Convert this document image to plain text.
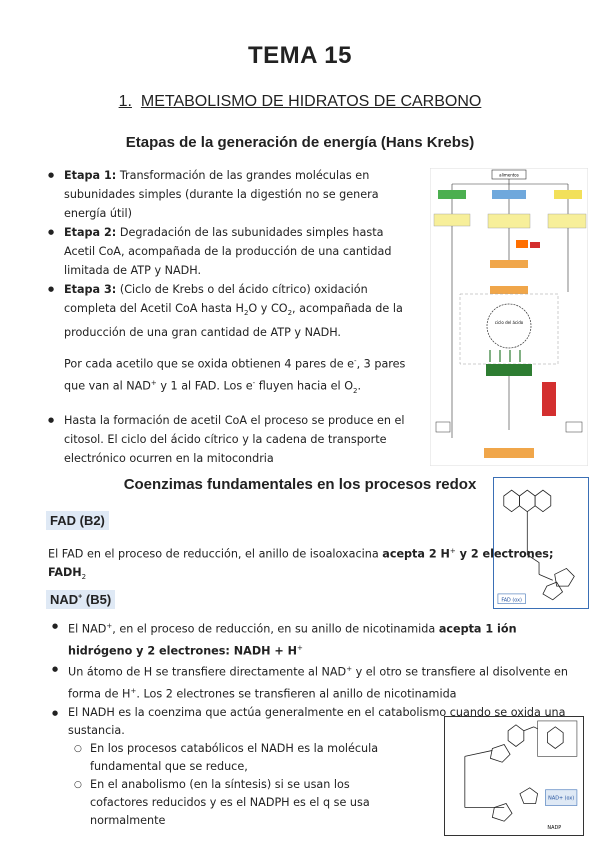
TEMA 15
1. METABOLISMO DE HIDRATOS DE CARBONO
Etapas de la generación de energía (Hans Krebs)
● Etapa 1: Transformación de las grandes moléculas en subunidades simples (durante la digestión no se genera energía útil)
● Etapa 2: Degradación de las subunidades simples hasta Acetil CoA, acompañada de la producción de una cantidad limitada de ATP y NADH.
● Etapa 3: (Ciclo de Krebs o del ácido cítrico) oxidación completa del Acetil CoA hasta $H_2O$ y $CO_2$, acompañada de la producción de una gran cantidad de ATP y NADH.

Por cada acetilo que se oxida obtienen 4 pares de e-, 3 pares que van al NAD+ y 1 al FAD. Los e- fluyen hacia el $O_2$.

● Hasta la formación de acetil CoA el proceso se produce en el citosol. El ciclo del ácido cítrico y la cadena de transporte electrónico ocurren en la mitocondria
alimentos
ciclo del ácido
Coenzimas fundamentales en los procesos redox
FAD (ox)
FAD (B2)
El FAD en el proceso de reducción, el anillo de isoaloxacina acepta 2 H+ y 2 electrones; $FADH_2$
NAD+ (B5)
● El NAD+, en el proceso de reducción, en su anillo de nicotinamida acepta 1 ión hidrógeno y 2 electrones: NADH + H+
● Un átomo de H se transfiere directamente al NAD+ y el otro se transfiere al disolvente en forma de H+. Los 2 electrones se transfieren al anillo de nicotinamida
● El NADH es la coenzima que actúa generalmente en el catabolismo cuando se oxida una sustancia.
○ En los procesos catabólicos el NADH es la molécula fundamental que se reduce,
○ En el anabolismo (en la síntesis) si se usan los cofactores reducidos y es el NADPH es el q se usa normalmente
NAD+ (ox)
NADP
